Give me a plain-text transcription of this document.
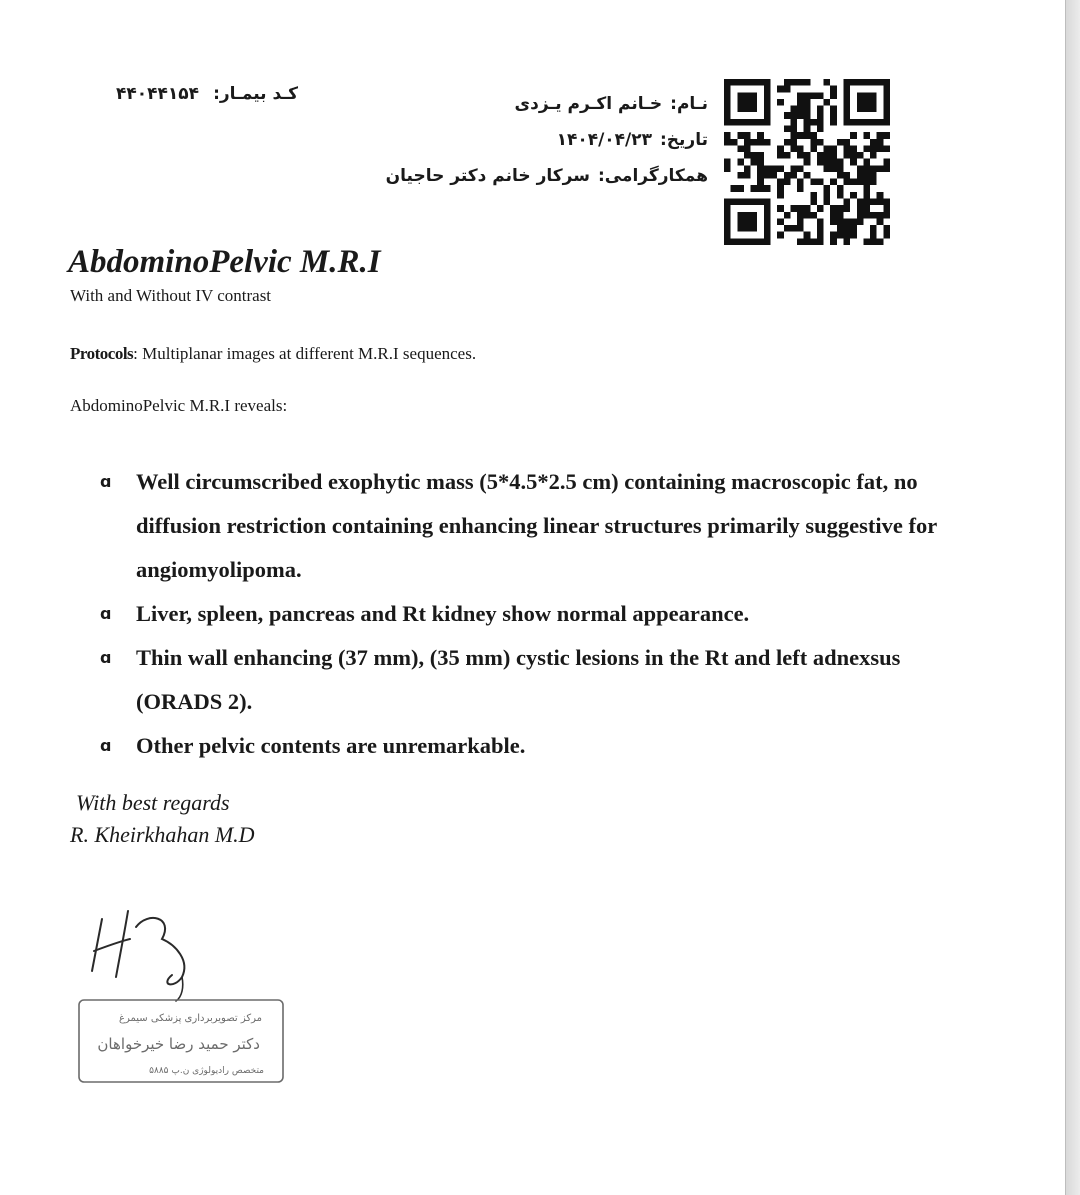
کـد بیمـار:۴۴۰۴۴۱۵۴	نـام:خـانم اکـرم یـزدی
تاریخ:۱۴۰۴/۰۴/۲۳
همکارگرامی:سرکار خانم دکتر حاجیان
AbdominoPelvic M.R.I
With and Without IV contrast
Protocols: Multiplanar images at different M.R.I sequences.
AbdominoPelvic M.R.I reveals:
ɑ Well circumscribed exophytic mass (5*4.5*2.5 cm) containing macroscopic fat, no diffusion restriction containing enhancing linear structures primarily suggestive for angiomyolipoma.
ɑ Liver, spleen, pancreas and Rt kidney show normal appearance.
ɑ Thin wall enhancing (37 mm), (35 mm) cystic lesions in the Rt and left adnexsus (ORADS 2).
ɑ Other pelvic contents are unremarkable.
With best regards
R. Kheirkhahan M.D
مرکز تصویربرداری پزشکی سیمرغ
دکتر حمید رضا خیرخواهان
متخصص رادیولوژی ن.پ ۵۸۸۵
